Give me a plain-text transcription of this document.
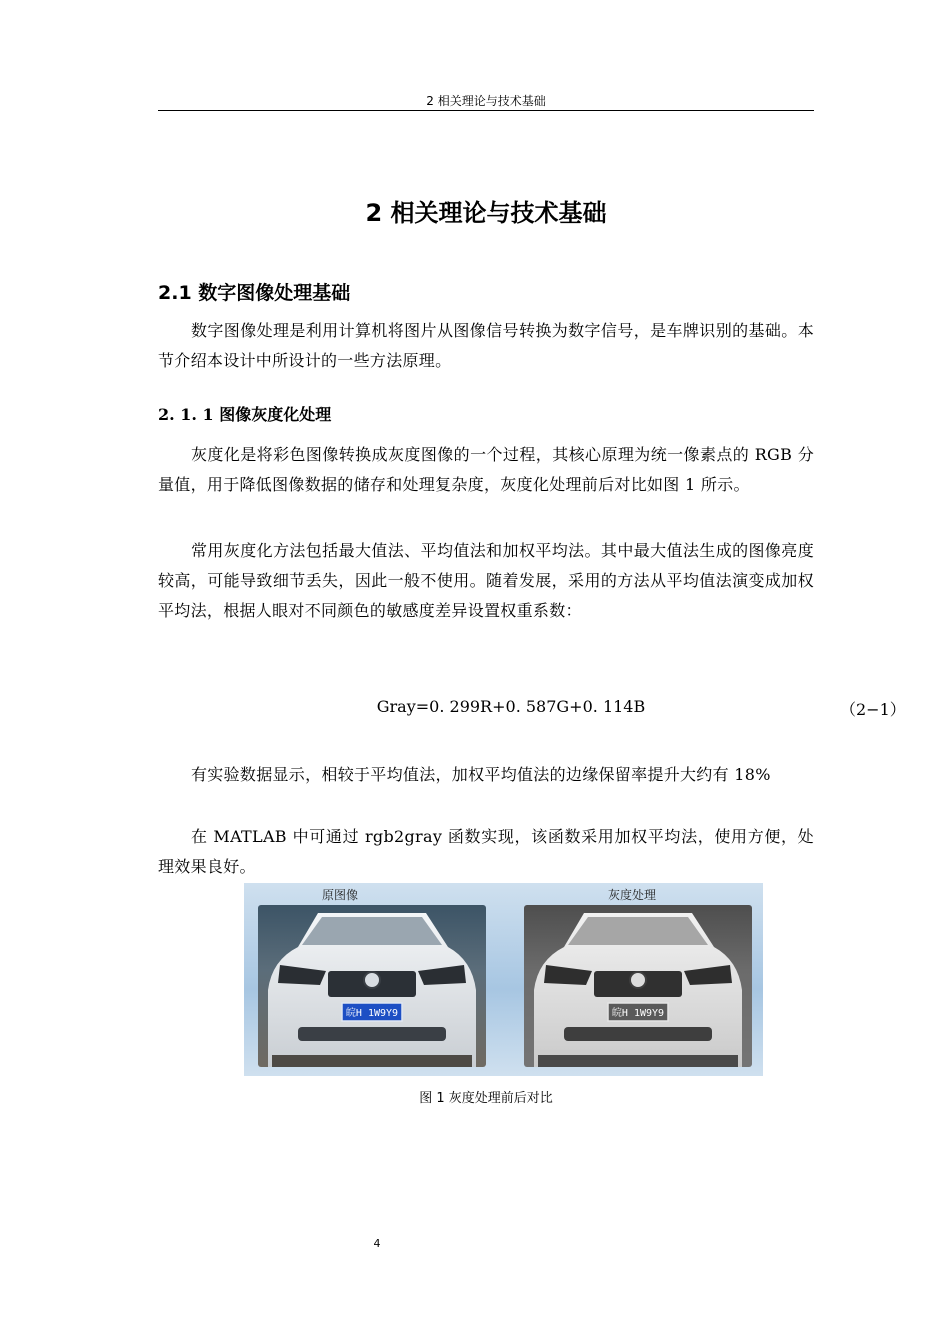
2 相关理论与技术基础
2 相关理论与技术基础
2.1 数字图像处理基础

数字图像处理是利用计算机将图片从图像信号转换为数字信号，是车牌识别的基础。本节介绍本设计中所设计的一些方法原理。

2. 1. 1 图像灰度化处理

灰度化是将彩色图像转换成灰度图像的一个过程，其核心原理为统一像素点的 RGB 分量值，用于降低图像数据的储存和处理复杂度，灰度化处理前后对比如图 1 所示。

常用灰度化方法包括最大值法、平均值法和加权平均法。其中最大值法生成的图像亮度较高，可能导致细节丢失，因此一般不使用。随着发展，采用的方法从平均值法演变成加权平均法，根据人眼对不同颜色的敏感度差异设置权重系数：

Gray=0. 299R+0. 587G+0. 114B	（2−1）

有实验数据显示，相较于平均值法，加权平均值法的边缘保留率提升大约有 18%

在 MATLAB 中可通过 rgb2gray 函数实现，该函数采用加权平均法，使用方便，处理效果良好。

原图像	灰度处理
皖H 1W9Y9	皖H 1W9Y9
图 1 灰度处理前后对比
4
